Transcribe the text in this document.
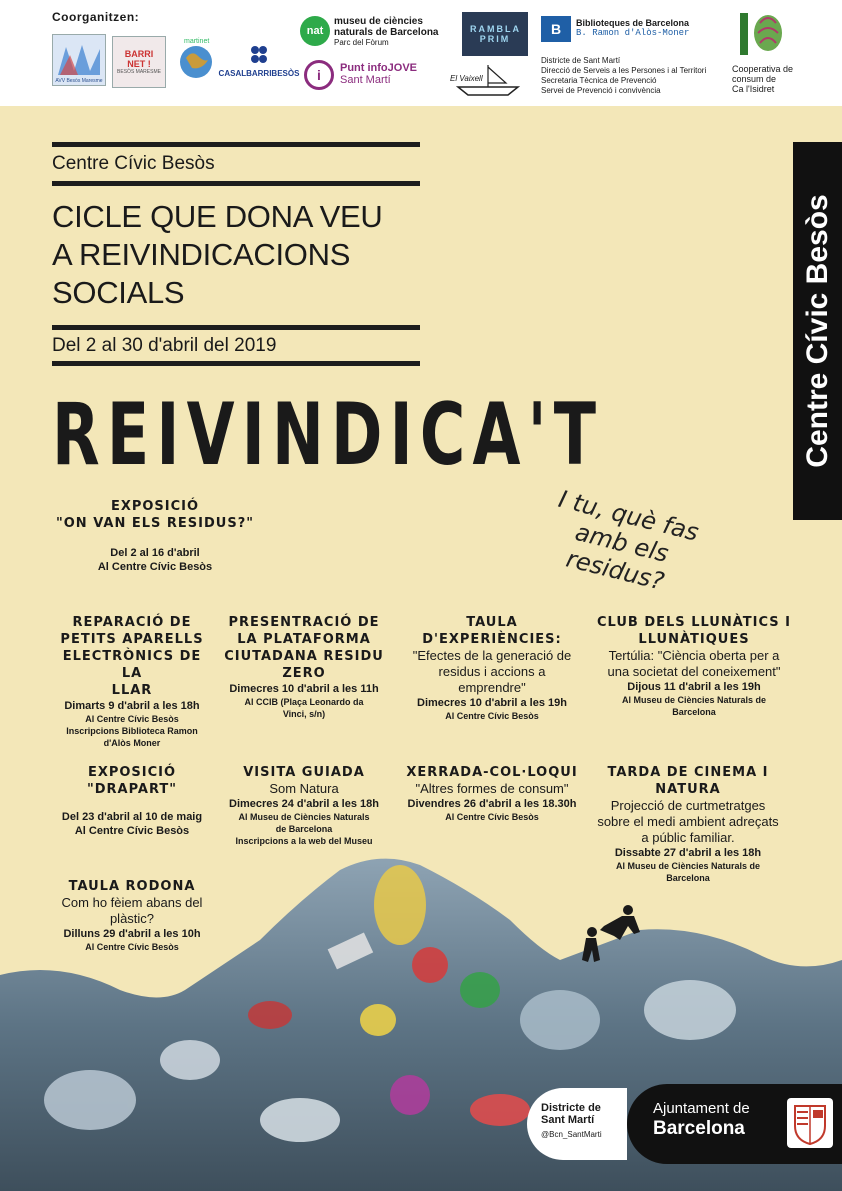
Coorganitzen:
AVV Besòs Maresme
BARRI NET !
BESÒS MARESME
martinet
CASALBARRIBESÒS
nat
museu de ciències
naturals de Barcelona
Parc del Fòrum
i Punt infoJOVE
Sant Martí
RAMBLA PRIM
El Vaixell
B Biblioteques de Barcelona
B. Ramon d'Alòs-Moner
Districte de Sant Martí
Direcció de Serveis a les Persones i al Territori
Secretaria Tècnica de Prevenció
Servei de Prevenció i convivència
Cooperativa de
consum de
Ca l'Isidret
Centre Cívic Besòs
CICLE QUE DONA VEU
A REIVINDICACIONS
SOCIALS
Del 2 al 30 d'abril del 2019	Centre Cívic Besòs
REIVINDICA'T
I tu, què fas amb els residus?
EXPOSICIÓ
"ON VAN ELS RESIDUS?"
Del 2 al 16 d'abril
Al Centre Cívic Besòs
REPARACIÓ DE
PETITS APARELLS
ELECTRÒNICS DE LA
LLAR
Dimarts 9 d'abril a les 18h
Al Centre Cívic Besòs
Inscripcions Biblioteca Ramon
d'Alòs Moner
PRESENTRACIÓ DE
LA PLATAFORMA
CIUTADANA RESIDU
ZERO
Dimecres 10 d'abril a les 11h
Al CCIB (Plaça Leonardo da
Vinci, s/n)
TAULA D'EXPERIÈNCIES:
"Efectes de la generació de
residus i accions a
emprendre"
Dimecres 10 d'abril a les 19h
Al Centre Cívic Besòs
CLUB DELS LLUNÀTICS I
LLUNÀTIQUES
Tertúlia: "Ciència oberta per a
una societat del coneixement"
Dijous 11 d'abril a les 19h
Al Museu de Ciències Naturals de
Barcelona
EXPOSICIÓ
"DRAPART"
Del 23 d'abril al 10 de maig
Al Centre Cívic Besòs
VISITA GUIADA
Som Natura
Dimecres 24 d'abril a les 18h
Al Museu de Ciències Naturals
de Barcelona
Inscripcions a la web del Museu
XERRADA-COL·LOQUI
"Altres formes de consum"
Divendres 26 d'abril a les 18.30h
Al Centre Cívic Besòs
TARDA DE CINEMA I NATURA
Projecció de curtmetratges
sobre el medi ambient adreçats
a públic familiar.
Dissabte 27 d'abril a les 18h
Al Museu de Ciències Naturals de
Barcelona
TAULA RODONA
Com ho fèiem abans del
plàstic?
Dilluns 29 d'abril a les 10h
Al Centre Cívic Besòs
Districte de
Sant Martí
@Bcn_SantMarti
Ajuntament de
Barcelona
